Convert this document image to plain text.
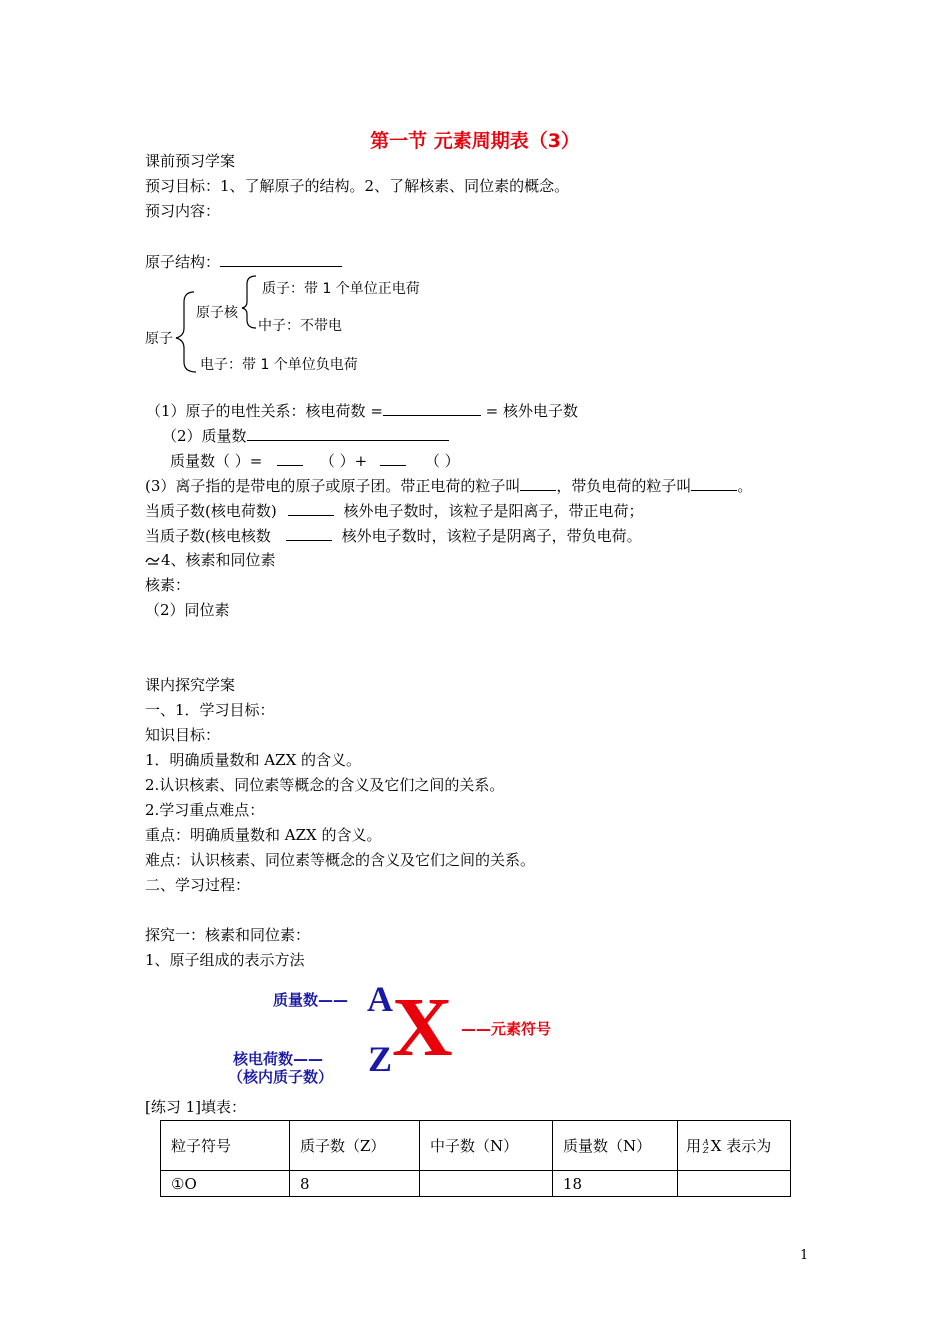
第一节 元素周期表（3）
课前预习学案
预习目标：1、了解原子的结构。2、了解核素、同位素的概念。
预习内容：
原子结构：
原子
原子核
质子：带 1 个单位正电荷
中子：不带电
电子：带 1 个单位负电荷
（1）原子的电性关系：核电荷数 =	= 核外电子数
（2）质量数
质量数（ ）=	（ ）+	（ ）
(3）离子指的是带电的原子或原子团。带正电荷的粒子叫 ，带负电荷的粒子叫	。
当质子数(核电荷数)	核外电子数时，该粒子是阳离子，带正电荷；
当质子数(核电核数	核外电子数时，该粒子是阴离子，带负电荷。
4、核素和同位素
核素：
（2）同位素
课内探究学案
一、1．学习目标：
知识目标：
1．明确质量数和 AZX 的含义。
2.认识核素、同位素等概念的含义及它们之间的关系。
2.学习重点难点：
重点：明确质量数和 AZX 的含义。
难点：认识核素、同位素等概念的含义及它们之间的关系。
二、学习过程：
探究一：核素和同位素：
1、原子组成的表示方法
质量数—— A X ——元素符号
Z
核电荷数——
（核内质子数）
[练习 1]填表：
粒子符号	质子数（Z）	中子数（N）	质量数（N）	用 A
Z X 表示为
①O	8		18	
1
